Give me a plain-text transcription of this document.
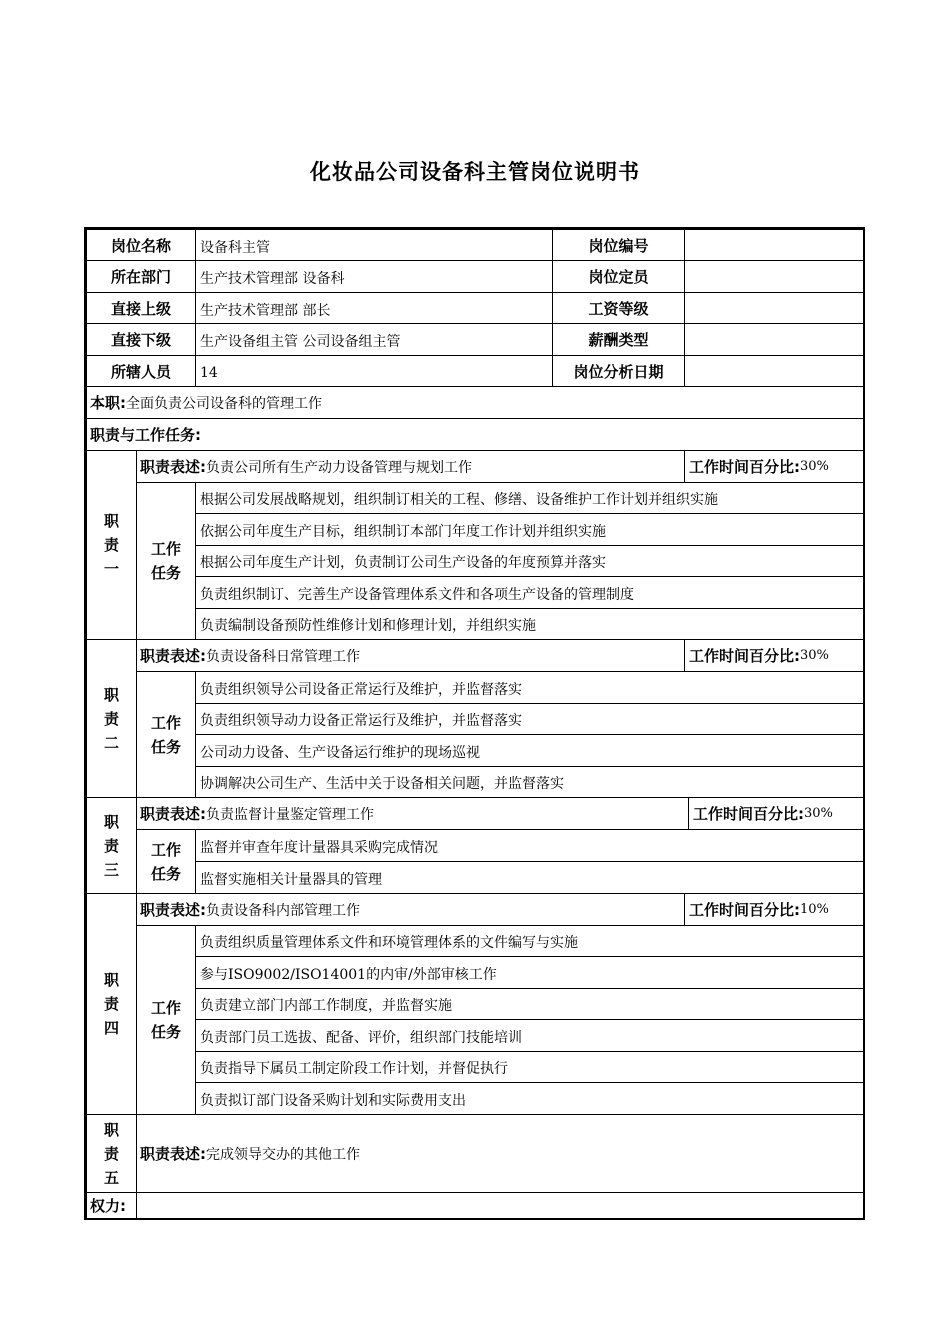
化妆品公司设备科主管岗位说明书
岗位名称 设备科主管	岗位编号
所在部门 生产技术管理部 设备科	岗位定员
直接上级 生产技术管理部 部长	工资等级
直接下级 生产设备组主管 公司设备组主管	薪酬类型
所辖人员 14	岗位分析日期
本职: 全面负责公司设备科的管理工作
职责与工作任务:
职
责
一
职责表述: 负责公司所有生产动力设备管理与规划工作	工作时间百分比: 30%
工作
任务
根据公司发展战略规划，组织制订相关的工程、修缮、设备维护工作计划并组织实施
依据公司年度生产目标，组织制订本部门年度工作计划并组织实施
根据公司年度生产计划，负责制订公司生产设备的年度预算并落实
负责组织制订、完善生产设备管理体系文件和各项生产设备的管理制度
负责编制设备预防性维修计划和修理计划，并组织实施
职
责
二
职责表述: 负责设备科日常管理工作	工作时间百分比: 30%
工作
任务
负责组织领导公司设备正常运行及维护，并监督落实
负责组织领导动力设备正常运行及维护，并监督落实
公司动力设备、生产设备运行维护的现场巡视
协调解决公司生产、生活中关于设备相关问题，并监督落实
职
责
三
职责表述: 负责监督计量鉴定管理工作	工作时间百分比: 30%
工作
任务
监督并审查年度计量器具采购完成情况
监督实施相关计量器具的管理
职
责
四
职责表述: 负责设备科内部管理工作	工作时间百分比: 10%
工作
任务
负责组织质量管理体系文件和环境管理体系的文件编写与实施
参与ISO9002/ISO14001的内审/外部审核工作
负责建立部门内部工作制度，并监督实施
负责部门员工选拔、配备、评价，组织部门技能培训
负责指导下属员工制定阶段工作计划，并督促执行
负责拟订部门设备采购计划和实际费用支出
职
责
五
职责表述: 完成领导交办的其他工作
权力:
